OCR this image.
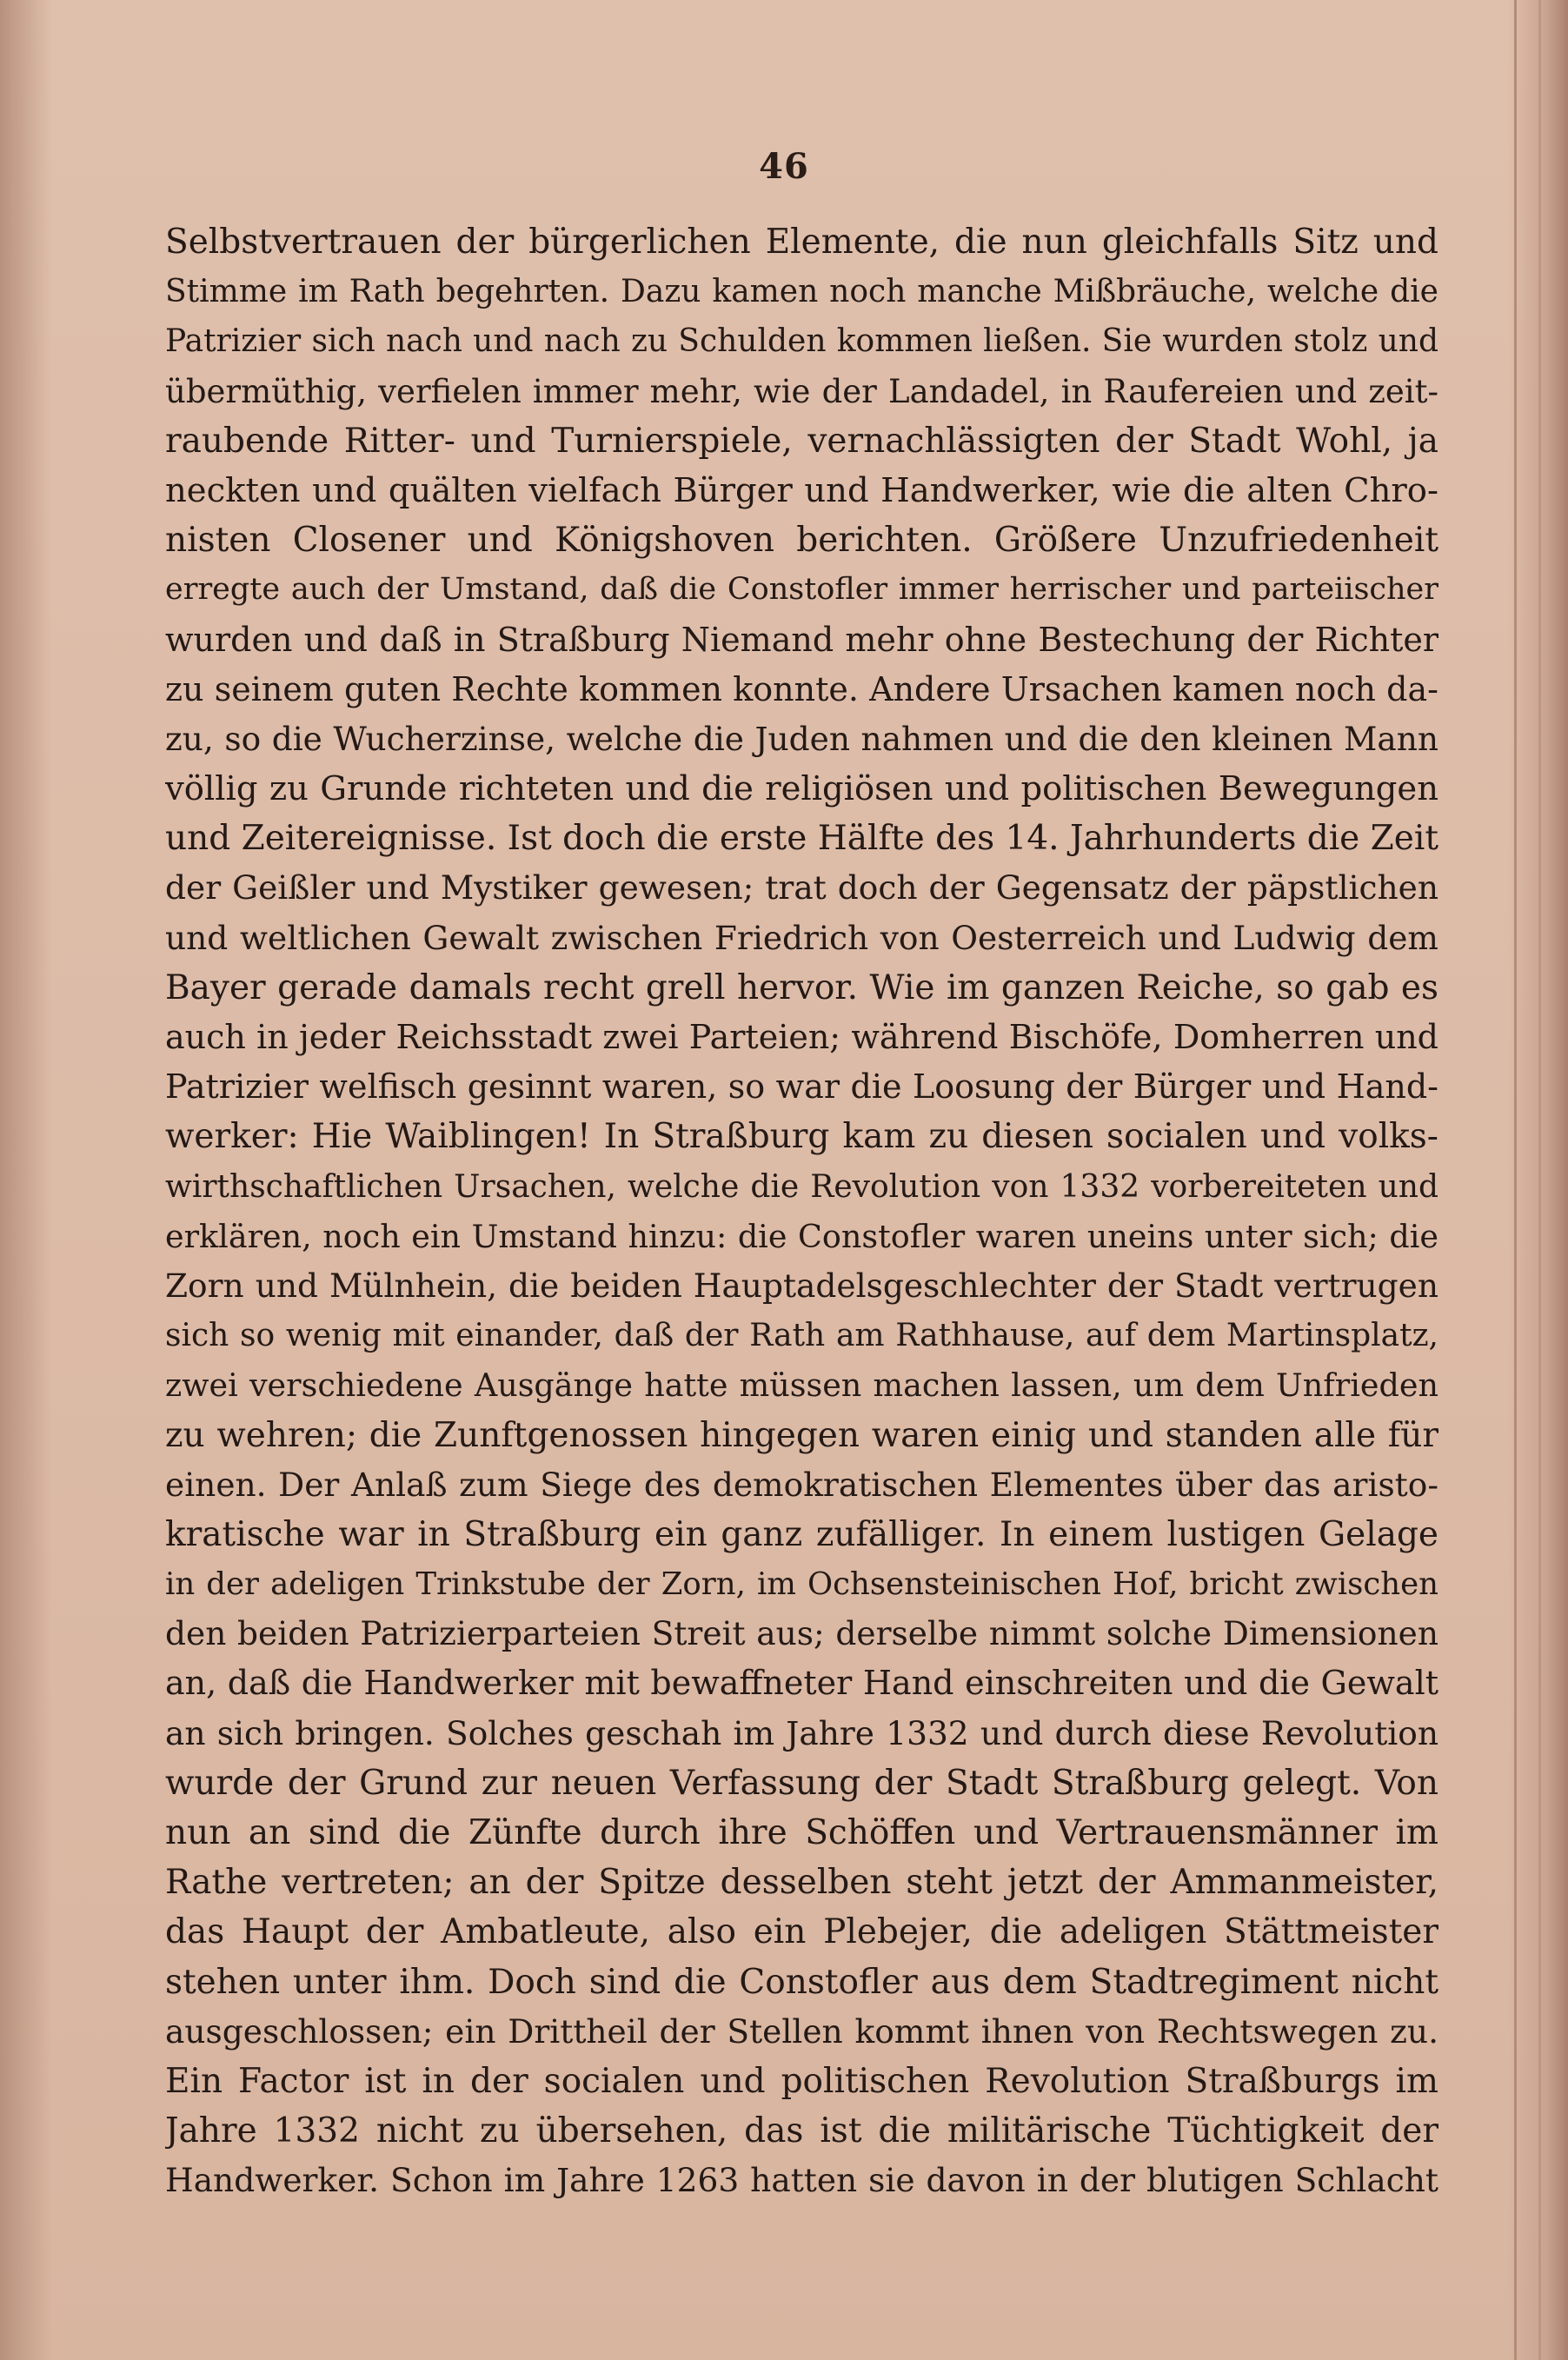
46
Selbstvertrauen der bürgerlichen Elemente, die nun gleichfalls Sitz und
Stimme im Rath begehrten. Dazu kamen noch manche Mißbräuche, welche die
Patrizier sich nach und nach zu Schulden kommen ließen. Sie wurden stolz und
übermüthig, verfielen immer mehr, wie der Landadel, in Raufereien und zeit-
raubende Ritter- und Turnierspiele, vernachlässigten der Stadt Wohl, ja
neckten und quälten vielfach Bürger und Handwerker, wie die alten Chro-
nisten Closener und Königshoven berichten. Größere Unzufriedenheit
erregte auch der Umstand, daß die Constofler immer herrischer und parteiischer
wurden und daß in Straßburg Niemand mehr ohne Bestechung der Richter
zu seinem guten Rechte kommen konnte. Andere Ursachen kamen noch da-
zu, so die Wucherzinse, welche die Juden nahmen und die den kleinen Mann
völlig zu Grunde richteten und die religiösen und politischen Bewegungen
und Zeitereignisse. Ist doch die erste Hälfte des 14. Jahrhunderts die Zeit
der Geißler und Mystiker gewesen; trat doch der Gegensatz der päpstlichen
und weltlichen Gewalt zwischen Friedrich von Oesterreich und Ludwig dem
Bayer gerade damals recht grell hervor. Wie im ganzen Reiche, so gab es
auch in jeder Reichsstadt zwei Parteien; während Bischöfe, Domherren und
Patrizier welfisch gesinnt waren, so war die Loosung der Bürger und Hand-
werker: Hie Waiblingen! In Straßburg kam zu diesen socialen und volks-
wirthschaftlichen Ursachen, welche die Revolution von 1332 vorbereiteten und
erklären, noch ein Umstand hinzu: die Constofler waren uneins unter sich; die
Zorn und Mülnhein, die beiden Hauptadelsgeschlechter der Stadt vertrugen
sich so wenig mit einander, daß der Rath am Rathhause, auf dem Martinsplatz,
zwei verschiedene Ausgänge hatte müssen machen lassen, um dem Unfrieden
zu wehren; die Zunftgenossen hingegen waren einig und standen alle für
einen. Der Anlaß zum Siege des demokratischen Elementes über das aristo-
kratische war in Straßburg ein ganz zufälliger. In einem lustigen Gelage
in der adeligen Trinkstube der Zorn, im Ochsensteinischen Hof, bricht zwischen
den beiden Patrizierparteien Streit aus; derselbe nimmt solche Dimensionen
an, daß die Handwerker mit bewaffneter Hand einschreiten und die Gewalt
an sich bringen. Solches geschah im Jahre 1332 und durch diese Revolution
wurde der Grund zur neuen Verfassung der Stadt Straßburg gelegt. Von
nun an sind die Zünfte durch ihre Schöffen und Vertrauensmänner im
Rathe vertreten; an der Spitze desselben steht jetzt der Ammanmeister,
das Haupt der Ambatleute, also ein Plebejer, die adeligen Stättmeister
stehen unter ihm. Doch sind die Constofler aus dem Stadtregiment nicht
ausgeschlossen; ein Drittheil der Stellen kommt ihnen von Rechtswegen zu.
Ein Factor ist in der socialen und politischen Revolution Straßburgs im
Jahre 1332 nicht zu übersehen, das ist die militärische Tüchtigkeit der
Handwerker. Schon im Jahre 1263 hatten sie davon in der blutigen Schlacht
